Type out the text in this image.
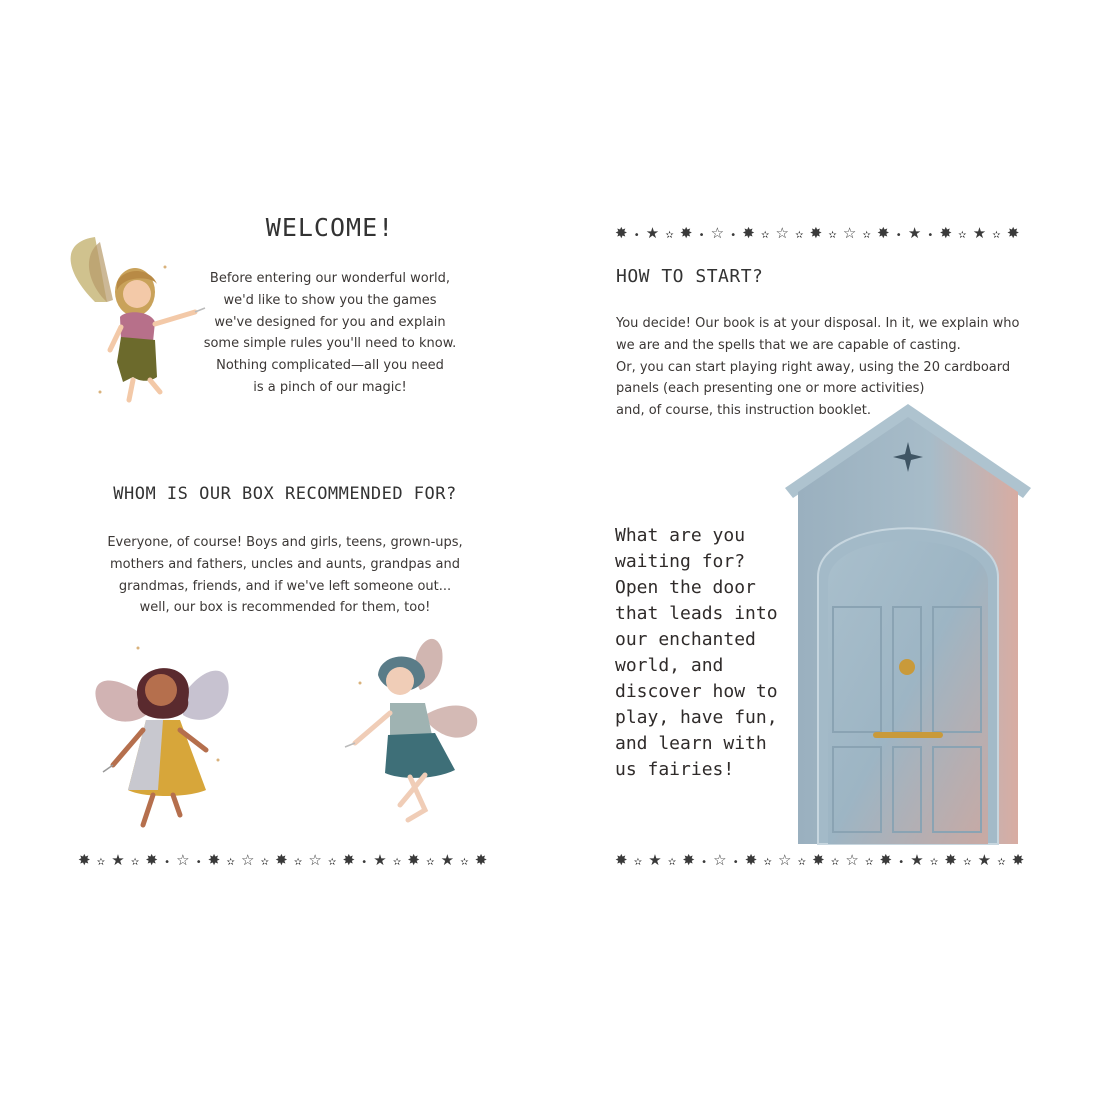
WELCOME!
Before entering our wonderful world,
we'd like to show you the games
we've designed for you and explain
some simple rules you'll need to know.
Nothing complicated—all you need
is a pinch of our magic!
WHOM IS OUR BOX RECOMMENDED FOR?
Everyone, of course! Boys and girls, teens, grown-ups,
mothers and fathers, uncles and aunts, grandpas and
grandmas, friends, and if we've left someone out...
well, our box is recommended for them, too!
✸ ✫ ★ ✫ ✸ • ☆ • ✸ ✫ ☆ ✫ ✸ ✫ ☆ ✫ ✸ • ★ ✫ ✸ ✫ ★ ✫ ✸
✸ • ★ ✫ ✸ • ☆ • ✸ ✫ ☆ ✫ ✸ ✫ ☆ ✫ ✸ • ★ • ✸ ✫ ★ ✫ ✸
HOW TO START?
You decide! Our book is at your disposal. In it, we explain who
we are and the spells that we are capable of casting.
Or, you can start playing right away, using the 20 cardboard
panels (each presenting one or more activities)
and, of course, this instruction booklet.
What are you
waiting for?
Open the door
that leads into
our enchanted
world, and
discover how to
play, have fun,
and learn with
us fairies!
✸ ✫ ★ ✫ ✸ • ☆ • ✸ ✫ ☆ ✫ ✸ ✫ ☆ ✫ ✸ • ★ ✫ ✸ ✫ ★ ✫ ✸
